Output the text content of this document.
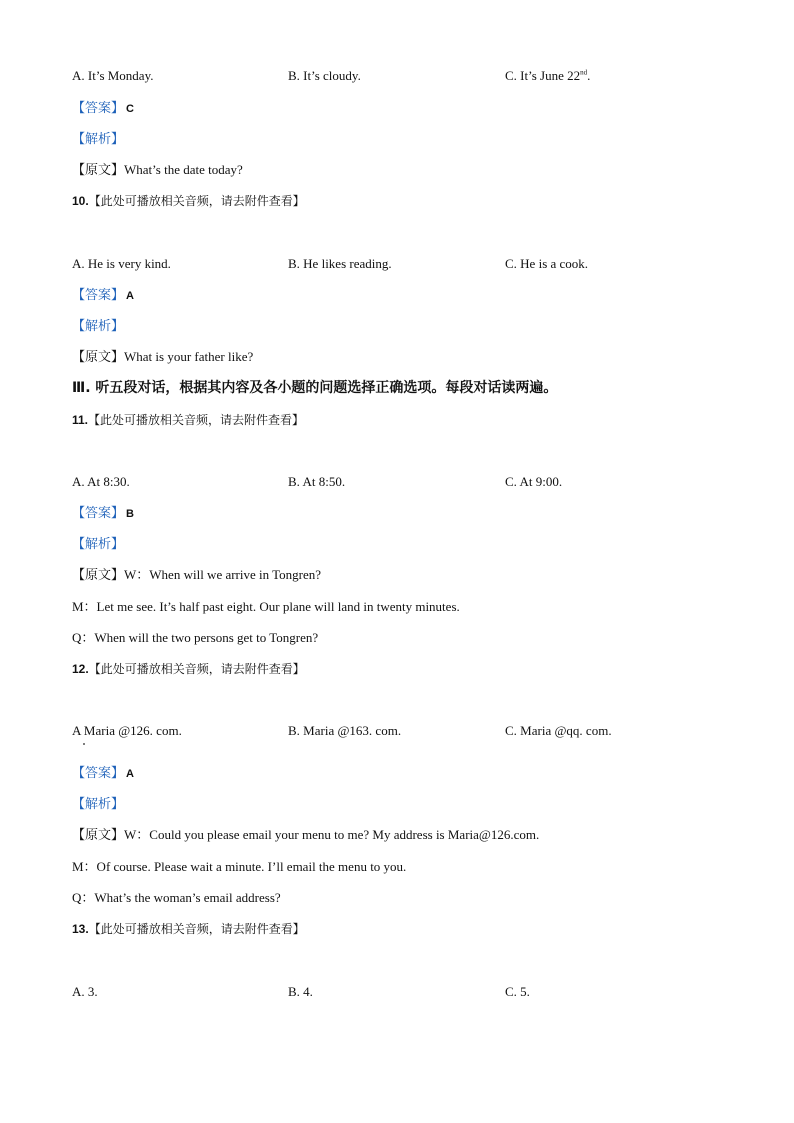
A. It’s Monday.	B. It’s cloudy.	C. It’s June 22nd.
【答案】 C
【解析】
【原文】What’s the date today?
10.【此处可播放相关音频，请去附件查看】
A. He is very kind.	B. He likes reading.	C. He is a cook.
【答案】 A
【解析】
【原文】What is your father like?
Ⅲ. 听五段对话，根据其内容及各小题的问题选择正确选项。每段对话读两遍。
11.【此处可播放相关音频，请去附件查看】
A. At 8:30.	B. At 8:50.	C. At 9:00.
【答案】 B
【解析】
【原文】W：When will we arrive in Tongren?
M：Let me see. It’s half past eight. Our plane will land in twenty minutes.
Q：When will the two persons get to Tongren?
12.【此处可播放相关音频，请去附件查看】
A Maria @126. com.	B. Maria @163. com.	C. Maria @qq. com.
【答案】 A
【解析】
【原文】W：Could you please email your menu to me? My address is Maria@126.com.
M：Of course. Please wait a minute. I’ll email the menu to you.
Q：What’s the woman’s email address?
13.【此处可播放相关音频，请去附件查看】
A. 3.	B. 4.	C. 5.
